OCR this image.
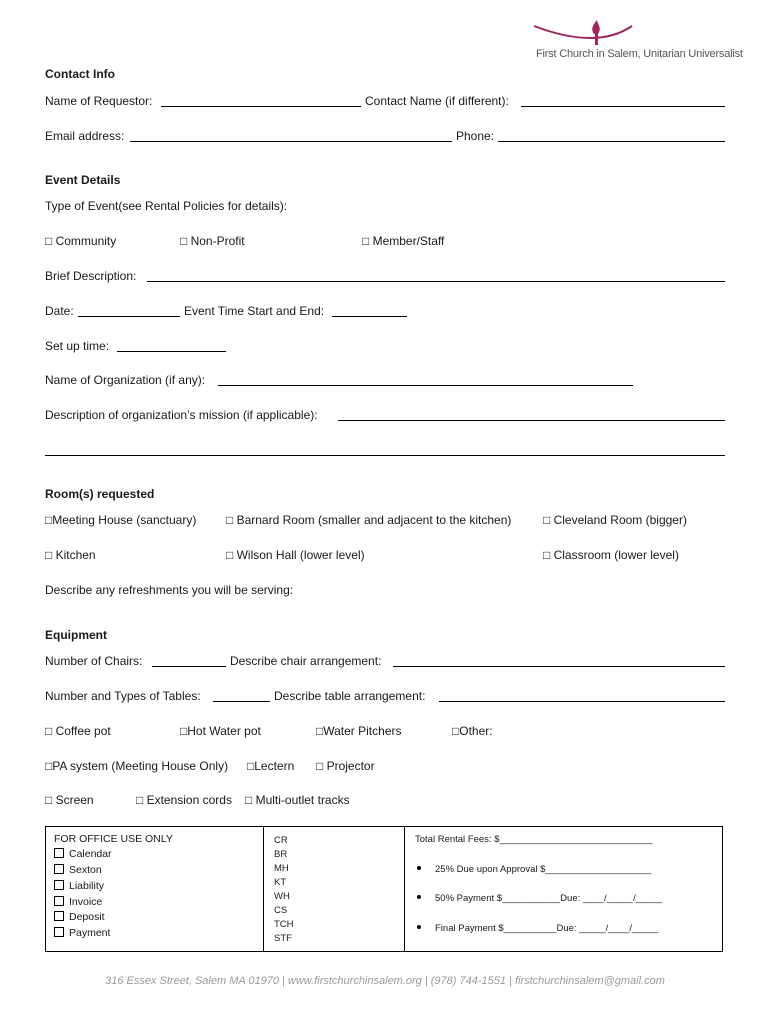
First Church in Salem, Unitarian Universalist
Contact Info
Name of Requestor:	Contact Name (if different):
Email address:	Phone:
Event Details
Type of Event(see Rental Policies for details):
□ Community	□ Non-Profit	□ Member/Staff
Brief Description:
Date:	Event Time Start and End:
Set up time:
Name of Organization (if any):
Description of organization’s mission (if applicable):
Room(s) requested
□Meeting House (sanctuary) □ Barnard Room (smaller and adjacent to the kitchen)	□ Cleveland Room (bigger)
□ Kitchen	□ Wilson Hall (lower level)	□ Classroom (lower level)
Describe any refreshments you will be serving:
Equipment
Number of Chairs:	Describe chair arrangement:
Number and Types of Tables:	Describe table arrangement:
□ Coffee pot	□Hot Water pot	□Water Pitchers	□Other:
□PA system (Meeting House Only) □Lectern □ Projector
□ Screen	□ Extension cords □ Multi-outlet tracks
FOR OFFICE USE ONLY
Calendar
Sexton
Liability
Invoice
Deposit
Payment
CR
BR
MH
KT
WH
CS
TCH
STF
Total Rental Fees: $_____________________________
25% Due upon Approval $____________________
50% Payment $___________Due: ____/_____/_____
Final Payment $__________Due: _____/____/_____
316 Essex Street, Salem MA 01970 | www.firstchurchinsalem.org | (978) 744-1551 | firstchurchinsalem@gmail.com
